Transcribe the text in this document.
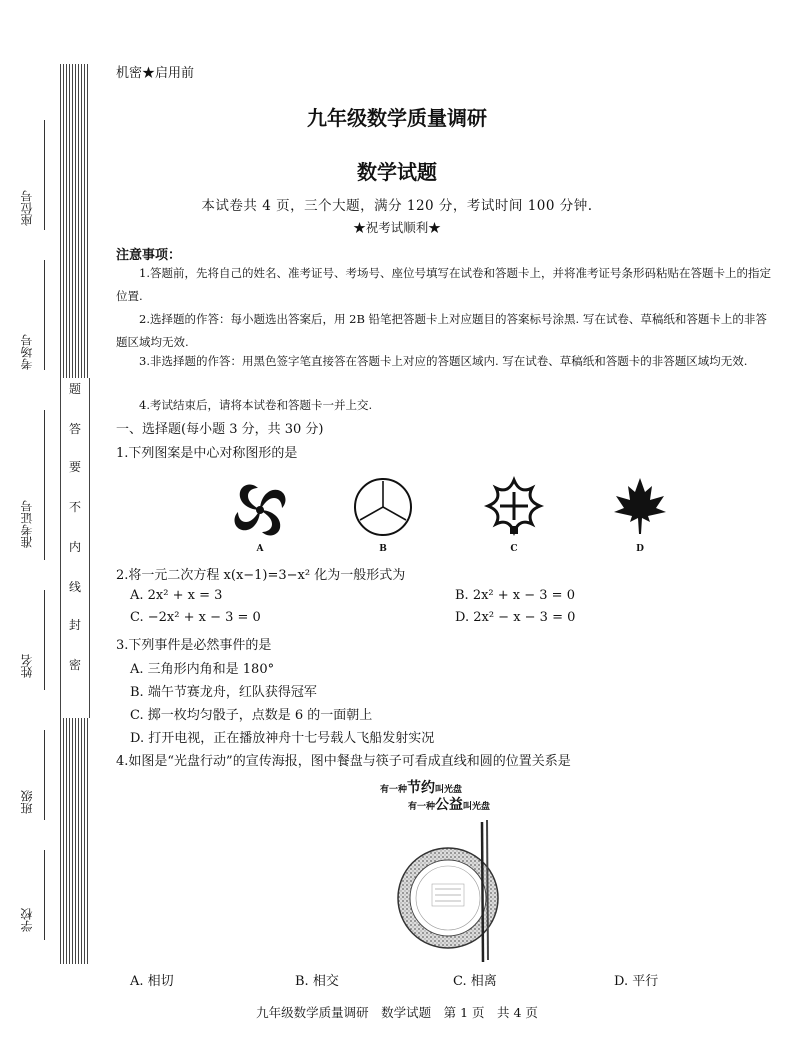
题
答
要
不
内
线
封
密
座位号
考场号
准考证号
姓名
班级
学校
机密★启用前
九年级数学质量调研
数学试题
本试卷共 4 页，三个大题，满分 120 分，考试时间 100 分钟.
★祝考试顺利★
注意事项：
1.答题前，先将自己的姓名、准考证号、考场号、座位号填写在试卷和答题卡上，并将准考证号条形码粘贴在答题卡上的指定位置.
2.选择题的作答：每小题选出答案后，用 2B 铅笔把答题卡上对应题目的答案标号涂黑. 写在试卷、草稿纸和答题卡上的非答题区域均无效.
3.非选择题的作答：用黑色签字笔直接答在答题卡上对应的答题区域内. 写在试卷、草稿纸和答题卡的非答题区域均无效.
4.考试结束后，请将本试卷和答题卡一并上交.
一、选择题(每小题 3 分，共 30 分)
1.下列图案是中心对称图形的是
A	B	C	D
2.将一元二次方程 x(x−1)=3−x² 化为一般形式为
A. 2x² + x = 3	B. 2x² + x − 3 = 0
C. −2x² + x − 3 = 0	D. 2x² − x − 3 = 0
3.下列事件是必然事件的是
A. 三角形内角和是 180°
B. 端午节赛龙舟，红队获得冠军
C. 掷一枚均匀骰子，点数是 6 的一面朝上
D. 打开电视，正在播放神舟十七号载人飞船发射实况
4.如图是“光盘行动”的宣传海报，图中餐盘与筷子可看成直线和圆的位置关系是
有一种节约叫光盘
有一种公益叫光盘
A. 相切	B. 相交	C. 相离	D. 平行
九年级数学质量调研　数学试题　第 1 页　共 4 页
